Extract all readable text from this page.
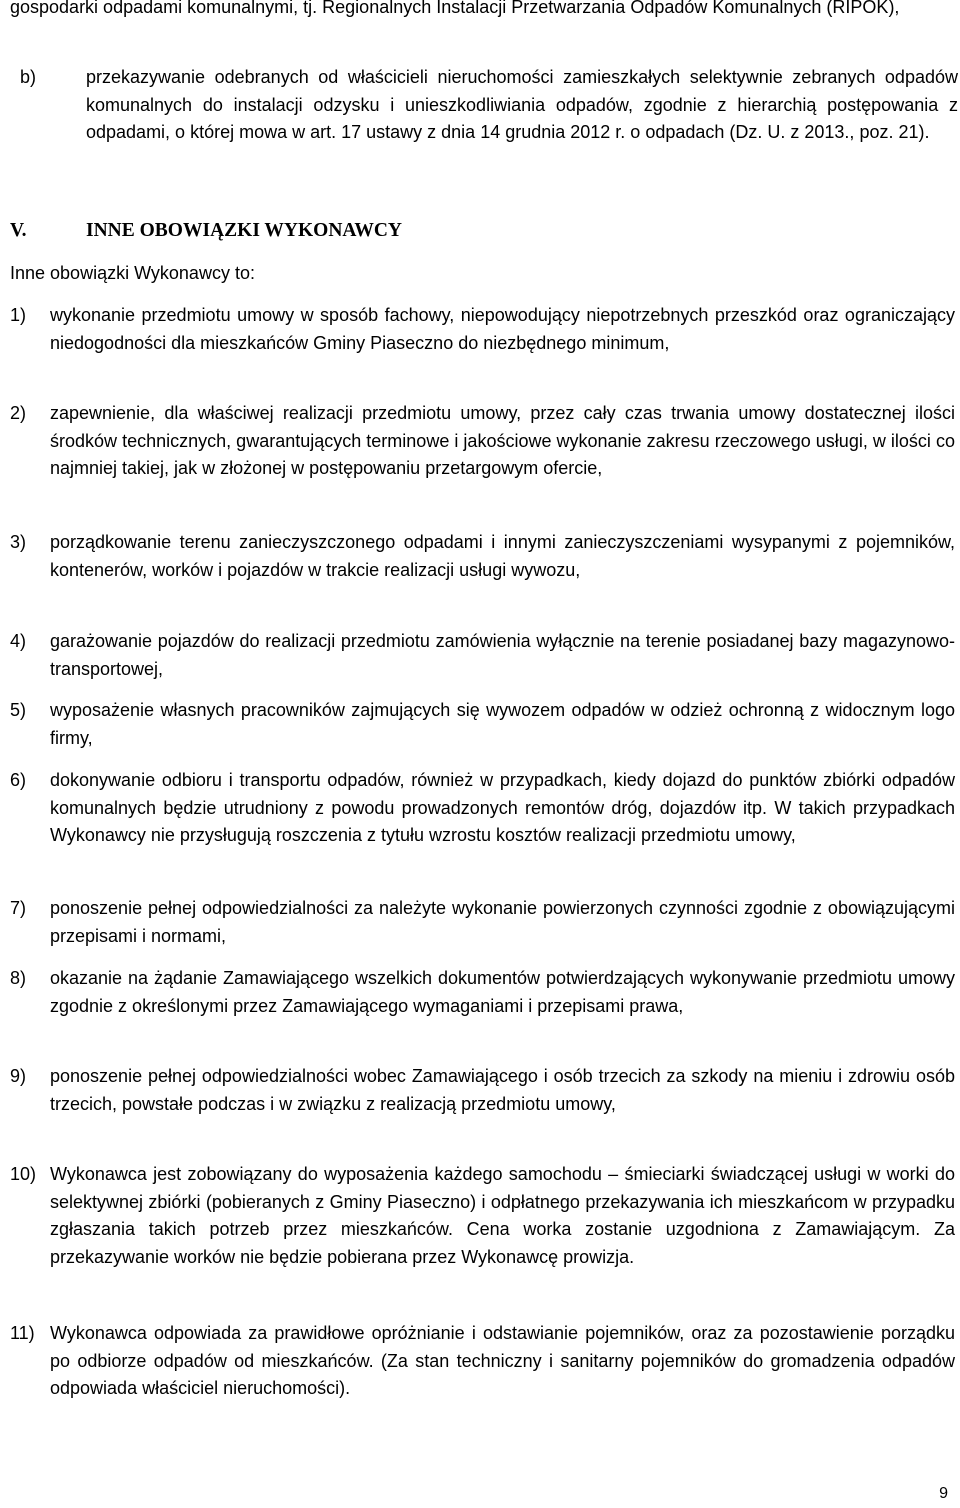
gospodarki odpadami komunalnymi, tj. Regionalnych Instalacji Przetwarzania Odpadów Komunalnych (RIPOK),
b)	przekazywanie odebranych od właścicieli nieruchomości zamieszkałych selektywnie zebranych odpadów komunalnych do instalacji odzysku i unieszkodliwiania odpadów, zgodnie z hierarchią postępowania z odpadami, o której mowa w art. 17 ustawy z dnia 14 grudnia 2012 r. o odpadach (Dz. U. z 2013., poz. 21).
V.	INNE OBOWIĄZKI WYKONAWCY
Inne obowiązki Wykonawcy to:
1)	wykonanie przedmiotu umowy w sposób fachowy, niepowodujący niepotrzebnych przeszkód oraz ograniczający niedogodności dla mieszkańców Gminy Piaseczno do niezbędnego minimum,
2)	zapewnienie, dla właściwej realizacji przedmiotu umowy, przez cały czas trwania umowy dostatecznej ilości środków technicznych, gwarantujących terminowe i jakościowe wykonanie zakresu rzeczowego usługi, w ilości co najmniej takiej, jak w złożonej w postępowaniu przetargowym ofercie,
3)	porządkowanie terenu zanieczyszczonego odpadami i innymi zanieczyszczeniami wysypanymi z pojemników, kontenerów, worków i pojazdów w trakcie realizacji usługi wywozu,
4)	garażowanie pojazdów do realizacji przedmiotu zamówienia wyłącznie na terenie posiadanej bazy magazynowo-transportowej,
5)	wyposażenie własnych pracowników zajmujących się wywozem odpadów w odzież ochronną z widocznym logo firmy,
6)	dokonywanie odbioru i transportu odpadów, również w przypadkach, kiedy dojazd do punktów zbiórki odpadów komunalnych będzie utrudniony z powodu prowadzonych remontów dróg, dojazdów itp. W takich przypadkach Wykonawcy nie przysługują roszczenia z tytułu wzrostu kosztów realizacji przedmiotu umowy,
7)	ponoszenie pełnej odpowiedzialności za należyte wykonanie powierzonych czynności zgodnie z obowiązującymi przepisami i normami,
8)	okazanie na żądanie Zamawiającego wszelkich dokumentów potwierdzających wykonywanie przedmiotu umowy zgodnie z określonymi przez Zamawiającego wymaganiami i przepisami prawa,
9)	ponoszenie pełnej odpowiedzialności wobec Zamawiającego i osób trzecich za szkody na mieniu i zdrowiu osób trzecich, powstałe podczas i w związku z realizacją przedmiotu umowy,
10) Wykonawca jest zobowiązany do wyposażenia każdego samochodu – śmieciarki świadczącej usługi w worki do selektywnej zbiórki (pobieranych z Gminy Piaseczno) i odpłatnego przekazywania ich mieszkańcom w przypadku zgłaszania takich potrzeb przez mieszkańców. Cena worka zostanie uzgodniona z Zamawiającym. Za przekazywanie worków nie będzie pobierana przez Wykonawcę prowizja.
11) Wykonawca odpowiada za prawidłowe opróżnianie i odstawianie pojemników, oraz za pozostawienie porządku po odbiorze odpadów od mieszkańców. (Za stan techniczny i sanitarny pojemników do gromadzenia odpadów odpowiada właściciel nieruchomości).
9
